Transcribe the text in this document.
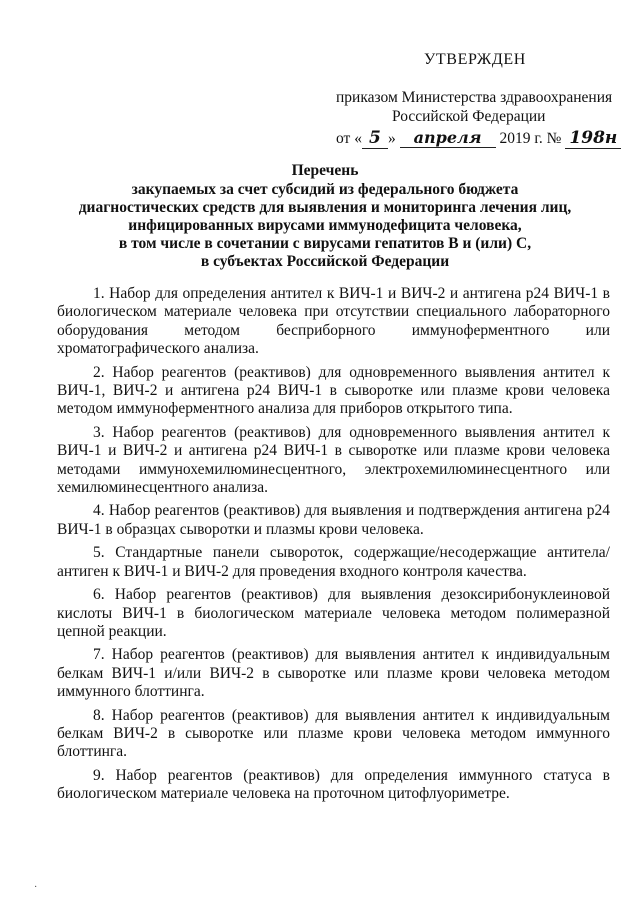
УТВЕРЖДЕН
приказом Министерства здравоохранения
Российской Федерации
от « 5 » апреля 2019 г. № 198н
Перечень
закупаемых за счет субсидий из федерального бюджета
диагностических средств для выявления и мониторинга лечения лиц,
инфицированных вирусами иммунодефицита человека,
в том числе в сочетании с вирусами гепатитов B и (или) C,
в субъектах Российской Федерации

1. Набор для определения антител к ВИЧ-1 и ВИЧ-2 и антигена p24 ВИЧ-1 в биологическом материале человека при отсутствии специального лабораторного оборудования методом бесприборного иммуноферментного или хроматографического анализа.

2. Набор реагентов (реактивов) для одновременного выявления антител к ВИЧ-1, ВИЧ-2 и антигена p24 ВИЧ-1 в сыворотке или плазме крови человека методом иммуноферментного анализа для приборов открытого типа.

3. Набор реагентов (реактивов) для одновременного выявления антител к ВИЧ-1 и ВИЧ-2 и антигена p24 ВИЧ-1 в сыворотке или плазме крови человека методами иммунохемилюминесцентного, электрохемилюминесцентного или хемилюминесцентного анализа.

4. Набор реагентов (реактивов) для выявления и подтверждения антигена p24 ВИЧ-1 в образцах сыворотки и плазмы крови человека.

5. Стандартные панели сывороток, содержащие/несодержащие антитела/антиген к ВИЧ-1 и ВИЧ-2 для проведения входного контроля качества.

6. Набор реагентов (реактивов) для выявления дезоксирибонуклеиновой кислоты ВИЧ-1 в биологическом материале человека методом полимеразной цепной реакции.

7. Набор реагентов (реактивов) для выявления антител к индивидуальным белкам ВИЧ-1 и/или ВИЧ-2 в сыворотке или плазме крови человека методом иммунного блоттинга.

8. Набор реагентов (реактивов) для выявления антител к индивидуальным белкам ВИЧ-2 в сыворотке или плазме крови человека методом иммунного блоттинга.

9. Набор реагентов (реактивов) для определения иммунного статуса в биологическом материале человека на проточном цитофлуориметре.

·
